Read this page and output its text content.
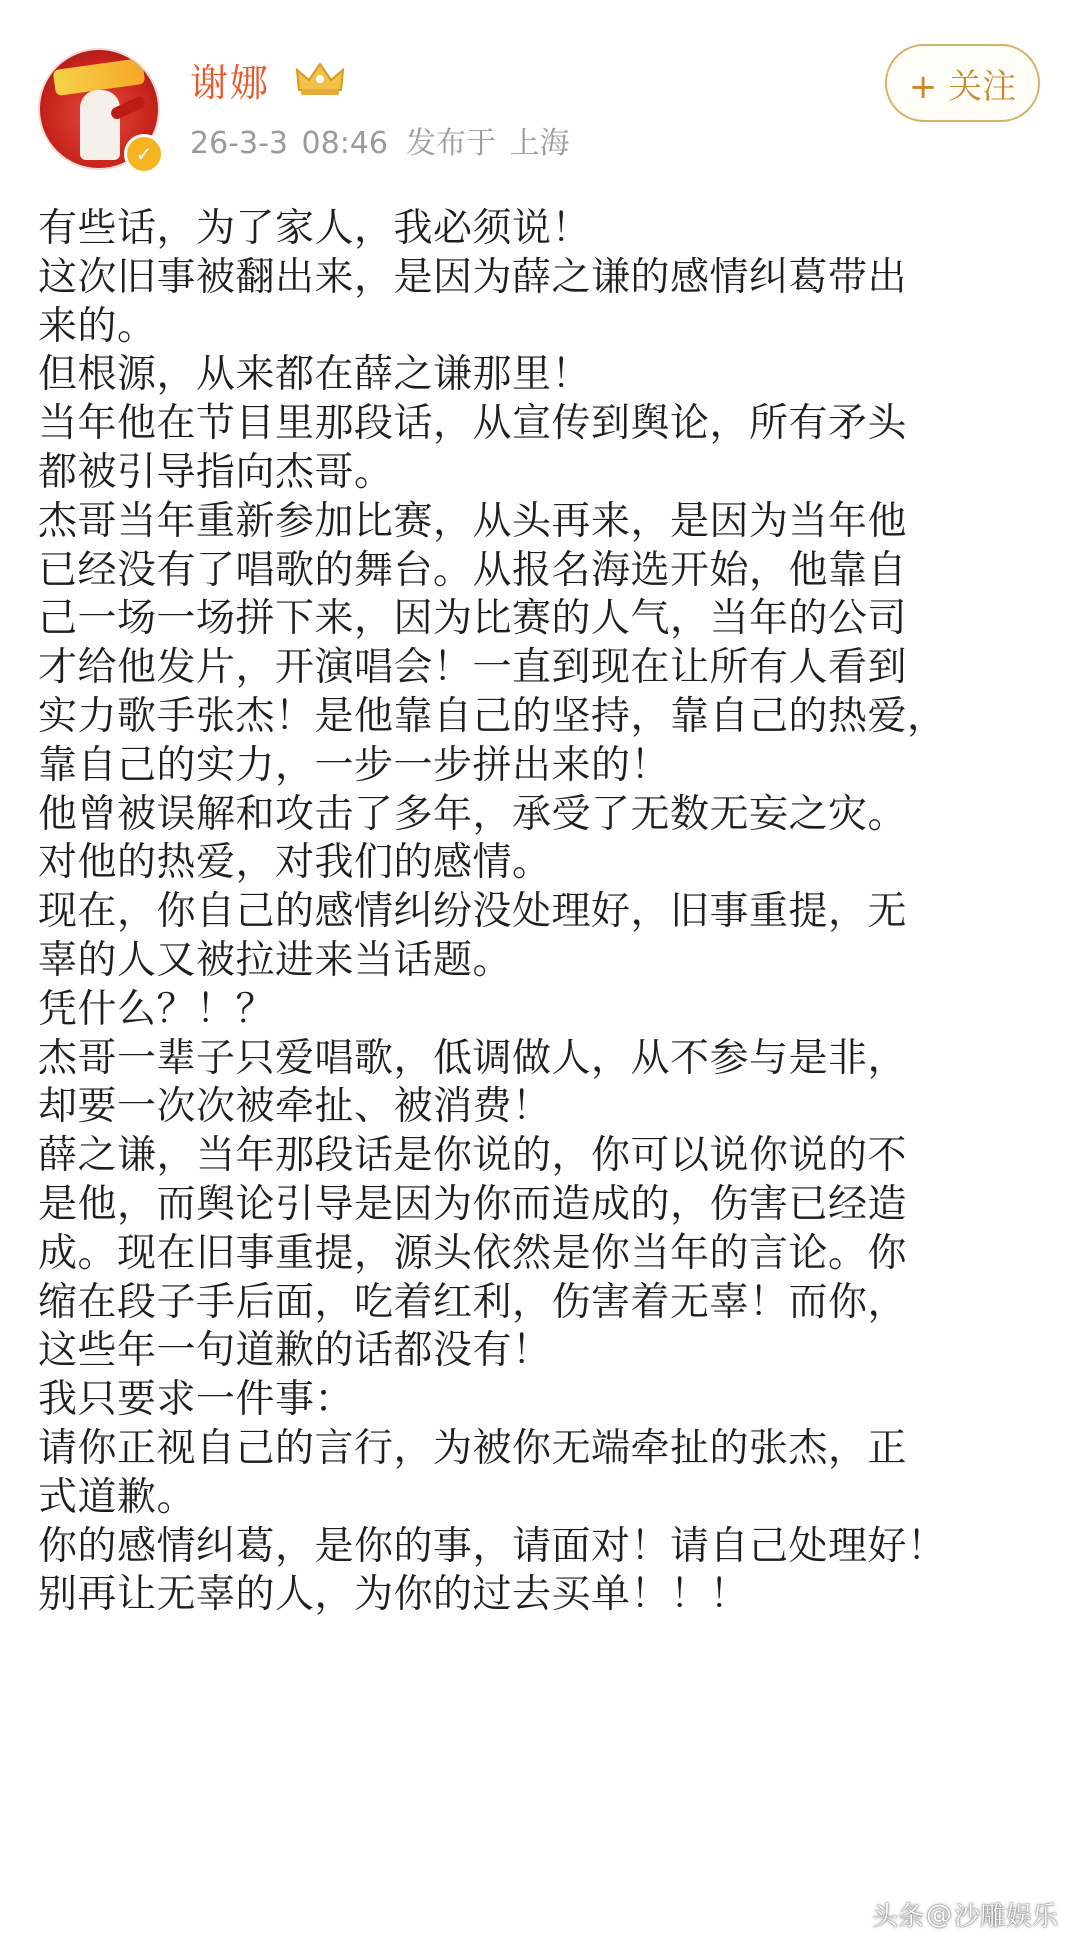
✓
谢娜
26-3-3 08:46 发布于 上海
+ 关注
有些话，为了家人，我必须说！
这次旧事被翻出来，是因为薛之谦的感情纠葛带出
来的。
但根源，从来都在薛之谦那里！
当年他在节目里那段话，从宣传到舆论，所有矛头
都被引导指向杰哥。
杰哥当年重新参加比赛，从头再来，是因为当年他
已经没有了唱歌的舞台。从报名海选开始，他靠自
己一场一场拼下来，因为比赛的人气，当年的公司
才给他发片，开演唱会！一直到现在让所有人看到
实力歌手张杰！是他靠自己的坚持，靠自己的热爱，
靠自己的实力，一步一步拼出来的！
他曾被误解和攻击了多年，承受了无数无妄之灾。
对他的热爱，对我们的感情。
现在，你自己的感情纠纷没处理好，旧事重提，无
辜的人又被拉进来当话题。
凭什么？！？
杰哥一辈子只爱唱歌，低调做人，从不参与是非，
却要一次次被牵扯、被消费！
薛之谦，当年那段话是你说的，你可以说你说的不
是他，而舆论引导是因为你而造成的，伤害已经造
成。现在旧事重提，源头依然是你当年的言论。你
缩在段子手后面，吃着红利，伤害着无辜！而你，
这些年一句道歉的话都没有！
我只要求一件事：
请你正视自己的言行，为被你无端牵扯的张杰，正
式道歉。
你的感情纠葛，是你的事，请面对！请自己处理好！
别再让无辜的人，为你的过去买单！！！
头条 @ 沙雕娱乐
